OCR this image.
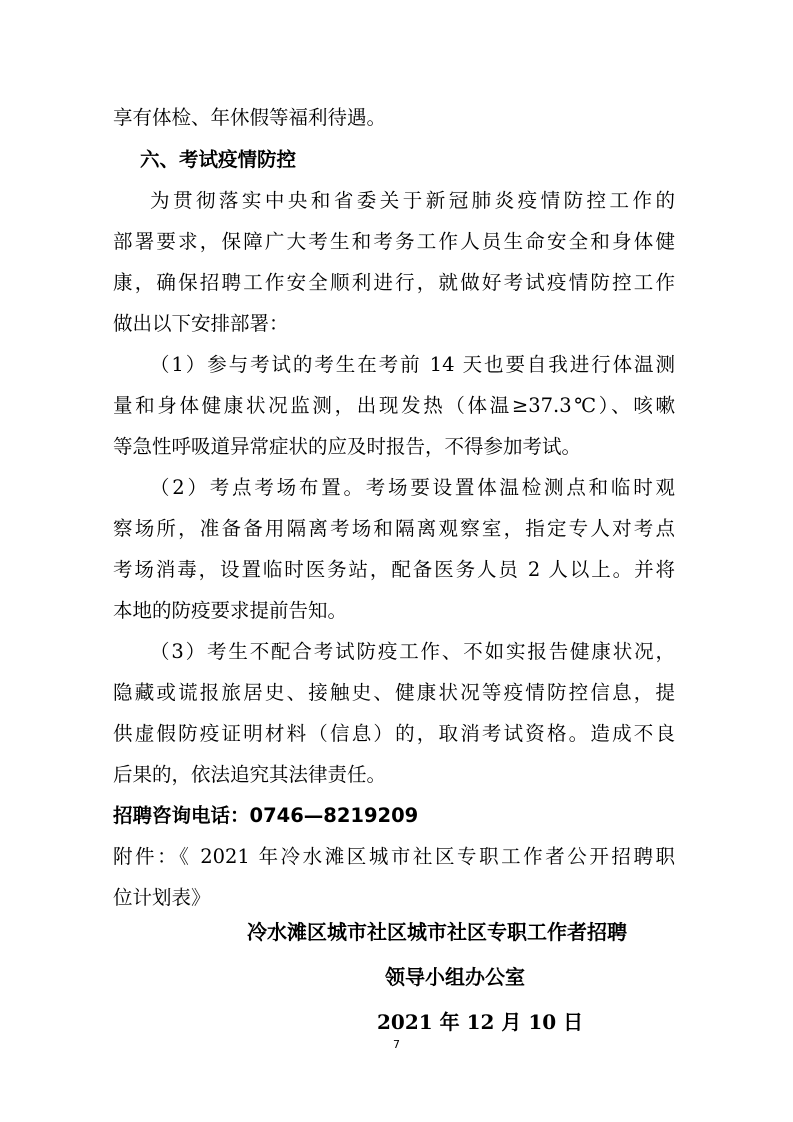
享有体检、年休假等福利待遇。
六、考试疫情防控
为贯彻落实中央和省委关于新冠肺炎疫情防控工作的
部署要求，保障广大考生和考务工作人员生命安全和身体健
康，确保招聘工作安全顺利进行，就做好考试疫情防控工作
做出以下安排部署：
（1）参与考试的考生在考前 14 天也要自我进行体温测
量和身体健康状况监测，出现发热（体温≥37.3℃）、咳嗽
等急性呼吸道异常症状的应及时报告，不得参加考试。
（2）考点考场布置。考场要设置体温检测点和临时观
察场所，准备备用隔离考场和隔离观察室，指定专人对考点
考场消毒，设置临时医务站，配备医务人员 2 人以上。并将
本地的防疫要求提前告知。
（3）考生不配合考试防疫工作、不如实报告健康状况，
隐藏或谎报旅居史、接触史、健康状况等疫情防控信息，提
供虚假防疫证明材料（信息）的，取消考试资格。造成不良
后果的，依法追究其法律责任。
招聘咨询电话：0746—8219209
附件：《 2021 年冷水滩区城市社区专职工作者公开招聘职
位计划表》
冷水滩区城市社区城市社区专职工作者招聘
领导小组办公室
2021 年 12 月 10 日
7
